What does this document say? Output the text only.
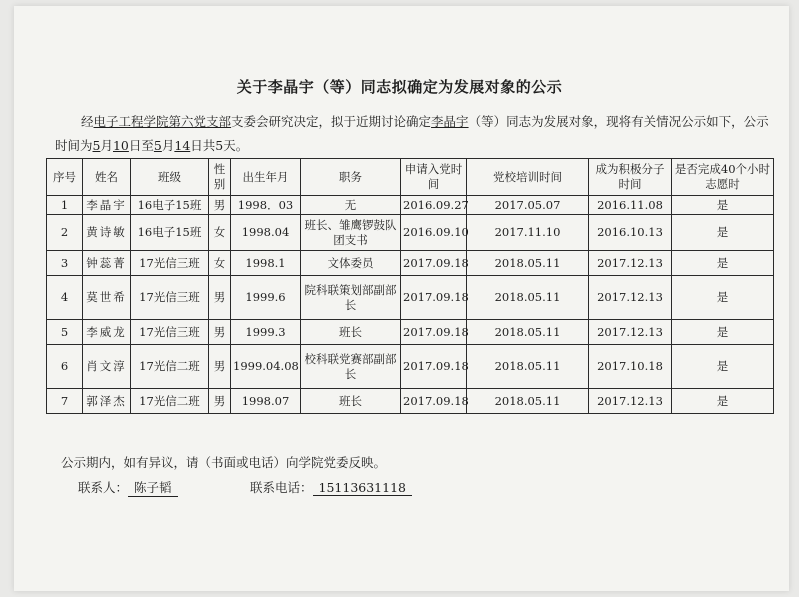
关于李晶宇（等）同志拟确定为发展对象的公示
经电子工程学院第六党支部支委会研究决定，拟于近期讨论确定李晶宇（等）同志为发展对象，现将有关情况公示如下，公示时间为5月10日至5月14日共5天。
序号	姓名	班级	性别	出生年月	职务	申请入党时间	党校培训时间	成为积极分子时间	是否完成40个小时志愿时
1	李晶宇	16电子15班	男	1998．03	无	2016.09.27	2017.05.07	2016.11.08	是
2	黄诗敏	16电子15班	女	1998.04	班长、雏鹰锣鼓队团支书	2016.09.10	2017.11.10	2016.10.13	是
3	钟蕊菁	17光信三班	女	1998.1	文体委员	2017.09.18	2018.05.11	2017.12.13	是
4	莫世希	17光信三班	男	1999.6	院科联策划部副部长	2017.09.18	2018.05.11	2017.12.13	是
5	李威龙	17光信三班	男	1999.3	班长	2017.09.18	2018.05.11	2017.12.13	是
6	肖文淳	17光信二班	男	1999.04.08	校科联党赛部副部长	2017.09.18	2018.05.11	2017.10.18	是
7	郭泽杰	17光信二班	男	1998.07	班长	2017.09.18	2018.05.11	2017.12.13	是
公示期内，如有异议，请（书面或电话）向学院党委反映。
联系人： 陈子韬	联系电话： 15113631118
